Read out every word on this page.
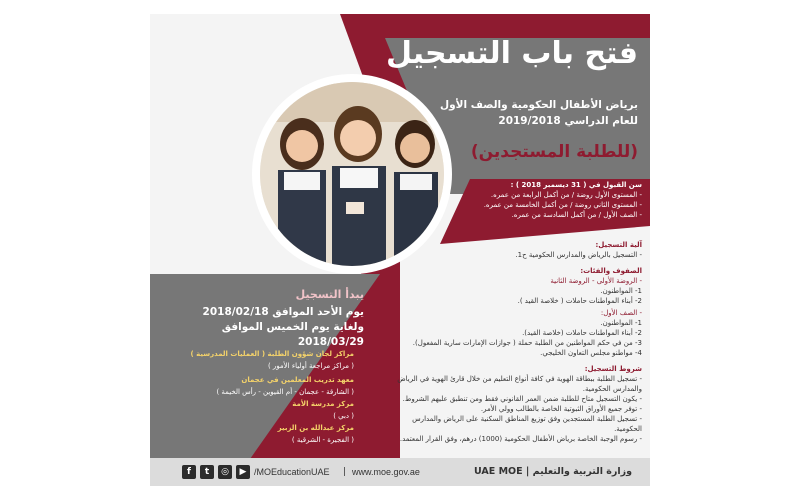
فتح باب التسجيل
برياض الأطفال الحكومية والصف الأول
للعام الدراسي 2019/2018
(للطلبة المستجدين)
سن القبول في ( 31 ديسمبر 2018 ) :
- المستوى الأول روضة / من أكمل الرابعة من عمره.
- المستوى الثاني روضة / من أكمل الخامسة من عمره.
- الصف الأول / من أكمل السادسة من عمره.
آلية التسجيل:
- التسجيل بالرياض والمدارس الحكومية ح1.
الصفوف والفئات:
- الروضة الأولى - الروضة الثانية
1- المواطنون.
2- أبناء المواطنات حاملات ( خلاصة القيد ).
- الصف الأول:
1- المواطنون.
2- أبناء المواطنات حاملات (خلاصة القيد).
3- من في حكم المواطنين من الطلبة حملة ( جوازات الإمارات سارية المفعول).
4- مواطنو مجلس التعاون الخليجي.
شروط التسجيل:
- تسجيل الطلبة ببطاقة الهوية في كافة أنواع التعليم من خلال قارئ الهوية في الرياض والمدارس الحكومية.
- يكون التسجيل متاح للطلبة ضمن العمر القانوني فقط ومن تنطبق عليهم الشروط.
- توفر جميع الأوراق الثبوتية الخاصة بالطالب وولي الأمر.
- تسجيل الطلبة المستجدين وفق توزيع المناطق السكنية على الرياض والمدارس الحكومية.
- رسوم الوجبة الخاصة برياض الأطفال الحكومية (1000) درهم، وفق القرار المعتمد.
يبدأ التسجيل
يوم الأحد الموافق 2018/02/18
ولغاية يوم الخميس الموافق 2018/03/29
مراكز لجان شؤون الطلبة ( العمليات المدرسية )
( مراكز مراجعة أولياء الأمور )
معهد تدريب المعلمين في عجمان
( الشارقة - عجمان - أم القيوين - رأس الخيمة )
مركز مدرسة الأمة
( دبي )
مركز عبدالله بن الزبير
( الفجيرة - الشرقية )
f	t	◎	▶ /MOEducationUAE | www.moe.gov.ae	وزارة التربية والتعليم | UAE MOE
